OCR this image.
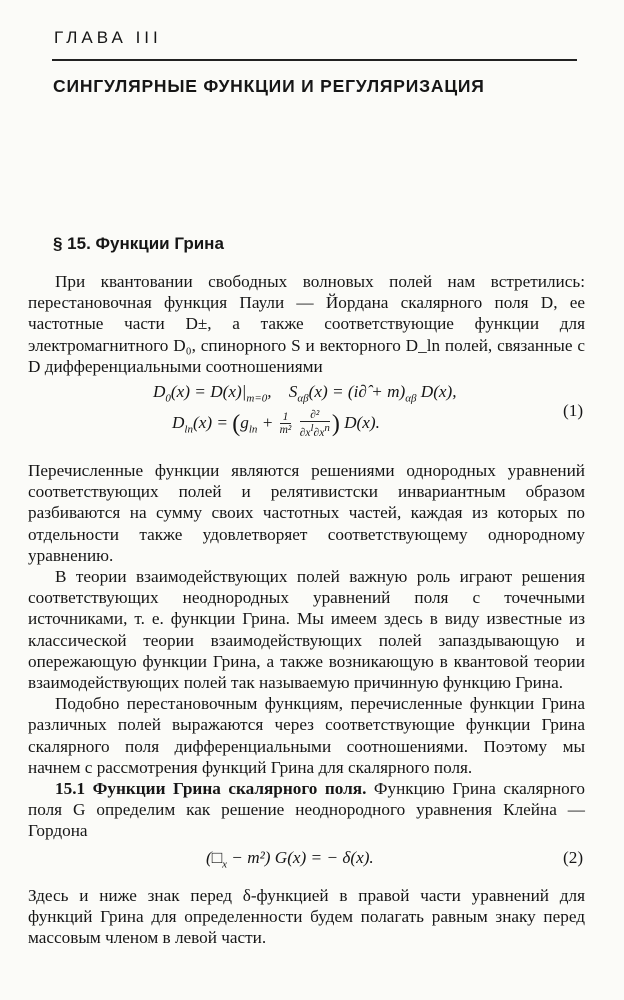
ГЛАВА III
СИНГУЛЯРНЫЕ ФУНКЦИИ И РЕГУЛЯРИЗАЦИЯ
§ 15. Функции Грина

При квантовании свободных волновых полей нам встретились: перестановочная функция Паули — Йордана скалярного поля D, ее частотные части D±, а также соответствующие функции для электромагнитного D₀, спинорного S и векторного D_ln полей, связанные с D дифференциальными соотношениями

$D_0(x) = D(x)|_{m=0}$,    $S_{\alpha\beta}(x)$ = (i∂̂ + $m)_{\alpha\beta}$ D(x),
$D_{ln}(x) = (g_{ln} + \frac{1}{\text{m²}}$
$\frac{\text{∂²}}{\partial x^l\partial x^n}$ ) D(x).
(1)

Перечисленные функции являются решениями однородных уравнений соответствующих полей и релятивистски инвариантным образом разбиваются на сумму своих частотных частей, каждая из которых по отдельности также удовлетворяет соответствующему однородному уравнению.

В теории взаимодействующих полей важную роль играют решения соответствующих неоднородных уравнений поля с точечными источниками, т. е. функции Грина. Мы имеем здесь в виду известные из классической теории взаимодействующих полей запаздывающую и опережающую функции Грина, а также возникающую в квантовой теории взаимодействующих полей так называемую причинную функцию Грина.

Подобно перестановочным функциям, перечисленные функции Грина различных полей выражаются через соответствующие функции Грина скалярного поля дифференциальными соотношениями. Поэтому мы начнем с рассмотрения функций Грина для скалярного поля.

15.1 Функции Грина скалярного поля. Функцию Грина скалярного поля G определим как решение неоднородного уравнения Клейна — Гордона

$(□_x - m^2) G(x)$ = − δ(x).	(2)

Здесь и ниже знак перед δ-функцией в правой части уравнений для функций Грина для определенности будем полагать равным знаку перед массовым членом в левой части.
